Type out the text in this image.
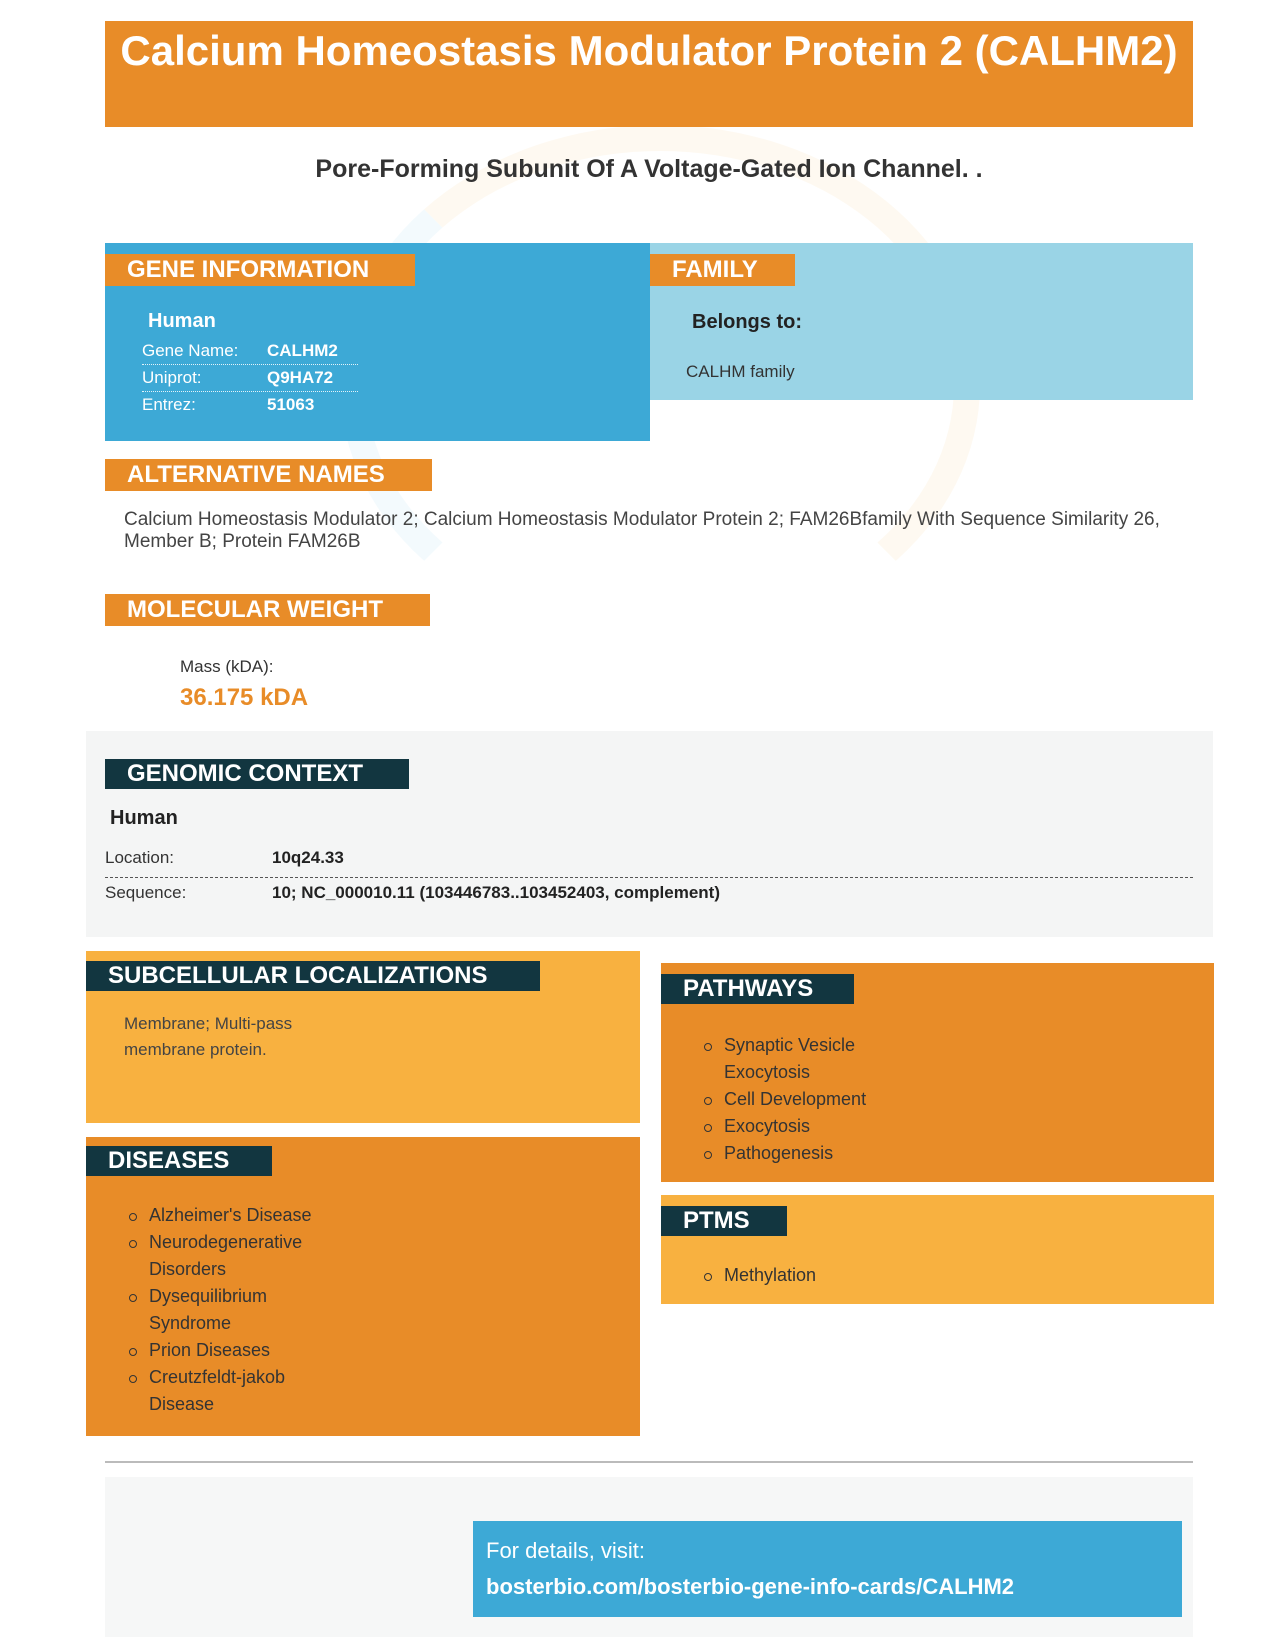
Calcium Homeostasis Modulator Protein 2 (CALHM2)
Pore-Forming Subunit Of A Voltage-Gated Ion Channel. .
GENE INFORMATION
Human
Gene Name: CALHM2
Uniprot:	Q9HA72
Entrez:	51063
FAMILY
Belongs to:
CALHM family
ALTERNATIVE NAMES
Calcium Homeostasis Modulator 2; Calcium Homeostasis Modulator Protein 2; FAM26Bfamily With Sequence Similarity 26, Member B; Protein FAM26B
MOLECULAR WEIGHT
Mass (kDA):
36.175 kDA
GENOMIC CONTEXT
Human
Location:	10q24.33
Sequence:	10; NC_000010.11 (103446783..103452403, complement)
SUBCELLULAR LOCALIZATIONS
Membrane; Multi-pass
membrane protein.
DISEASES
Alzheimer's Disease
Neurodegenerative
Disorders
Dysequilibrium
Syndrome
Prion Diseases
Creutzfeldt-jakob
Disease
PATHWAYS
Synaptic Vesicle
Exocytosis
Cell Development
Exocytosis
Pathogenesis
PTMS
Methylation
For details, visit:
bosterbio.com/bosterbio-gene-info-cards/CALHM2
